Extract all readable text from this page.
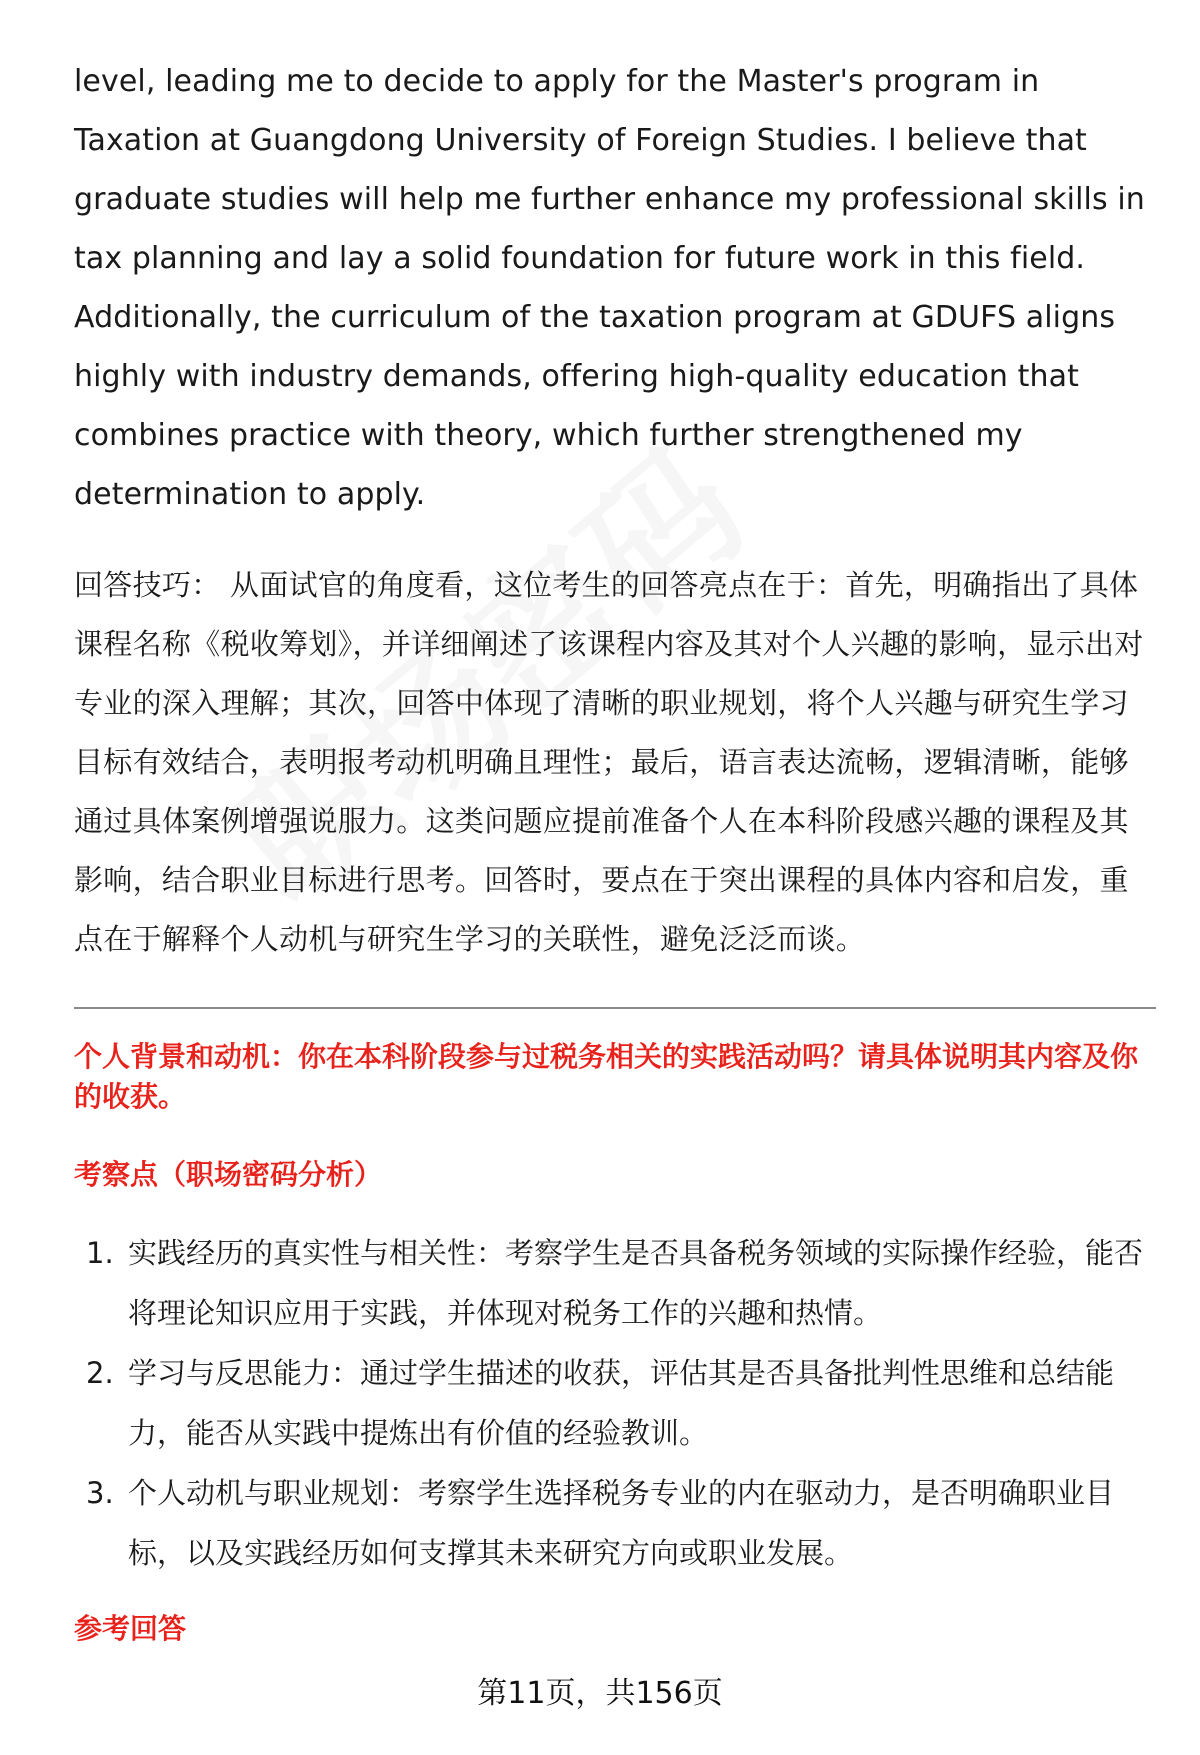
level, leading me to decide to apply for the Master's program in Taxation at Guangdong University of Foreign Studies. I believe that graduate studies will help me further enhance my professional skills in tax planning and lay a solid foundation for future work in this field. Additionally, the curriculum of the taxation program at GDUFS aligns highly with industry demands, offering high-quality education that combines practice with theory, which further strengthened my determination to apply.

回答技巧： 从面试官的角度看，这位考生的回答亮点在于：首先，明确指出了具体课程名称《税收筹划》，并详细阐述了该课程内容及其对个人兴趣的影响，显示出对专业的深入理解；其次，回答中体现了清晰的职业规划，将个人兴趣与研究生学习目标有效结合，表明报考动机明确且理性；最后，语言表达流畅，逻辑清晰，能够通过具体案例增强说服力。这类问题应提前准备个人在本科阶段感兴趣的课程及其影响，结合职业目标进行思考。回答时，要点在于突出课程的具体内容和启发，重点在于解释个人动机与研究生学习的关联性，避免泛泛而谈。

个人背景和动机：你在本科阶段参与过税务相关的实践活动吗？请具体说明其内容及你的收获。

考察点（职场密码分析）

1. 实践经历的真实性与相关性：考察学生是否具备税务领域的实际操作经验，能否将理论知识应用于实践，并体现对税务工作的兴趣和热情。
2. 学习与反思能力：通过学生描述的收获，评估其是否具备批判性思维和总结能力，能否从实践中提炼出有价值的经验教训。
3. 个人动机与职业规划：考察学生选择税务专业的内在驱动力，是否明确职业目标，以及实践经历如何支撑其未来研究方向或职业发展。

参考回答

第11页，共156页
